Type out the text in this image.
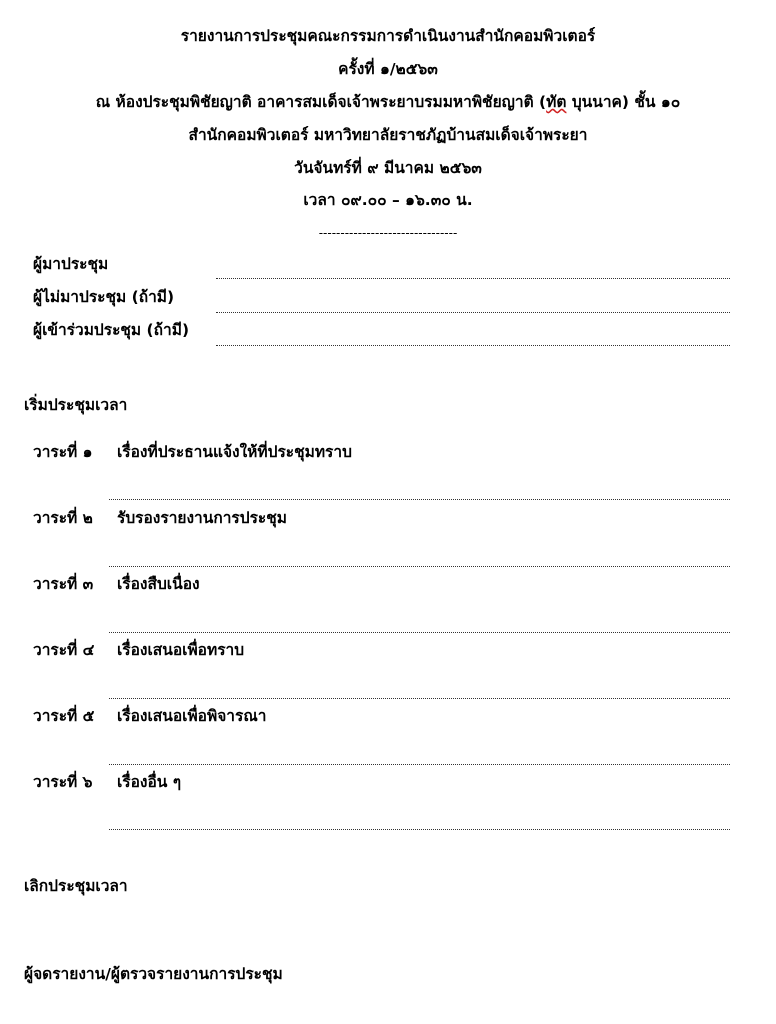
รายงานการประชุมคณะกรรมการดำเนินงานสำนักคอมพิวเตอร์
ครั้งที่ ๑/๒๕๖๓
ณ ห้องประชุมพิชัยญาติ อาคารสมเด็จเจ้าพระยาบรมมหาพิชัยญาติ (ทัต บุนนาค) ชั้น ๑๐
สำนักคอมพิวเตอร์ มหาวิทยาลัยราชภัฏบ้านสมเด็จเจ้าพระยา
วันจันทร์ที่ ๙ มีนาคม ๒๕๖๓
เวลา ๐๙.๐๐ – ๑๖.๓๐ น.
--------------------------------
ผู้มาประชุม
ผู้ไม่มาประชุม (ถ้ามี)
ผู้เข้าร่วมประชุม (ถ้ามี)
เริ่มประชุมเวลา
วาระที่ ๑ เรื่องที่ประธานแจ้งให้ที่ประชุมทราบ
วาระที่ ๒ รับรองรายงานการประชุม
วาระที่ ๓ เรื่องสืบเนื่อง
วาระที่ ๔ เรื่องเสนอเพื่อทราบ
วาระที่ ๕ เรื่องเสนอเพื่อพิจารณา
วาระที่ ๖ เรื่องอื่น ๆ
เลิกประชุมเวลา
ผู้จดรายงาน/ผู้ตรวจรายงานการประชุม
